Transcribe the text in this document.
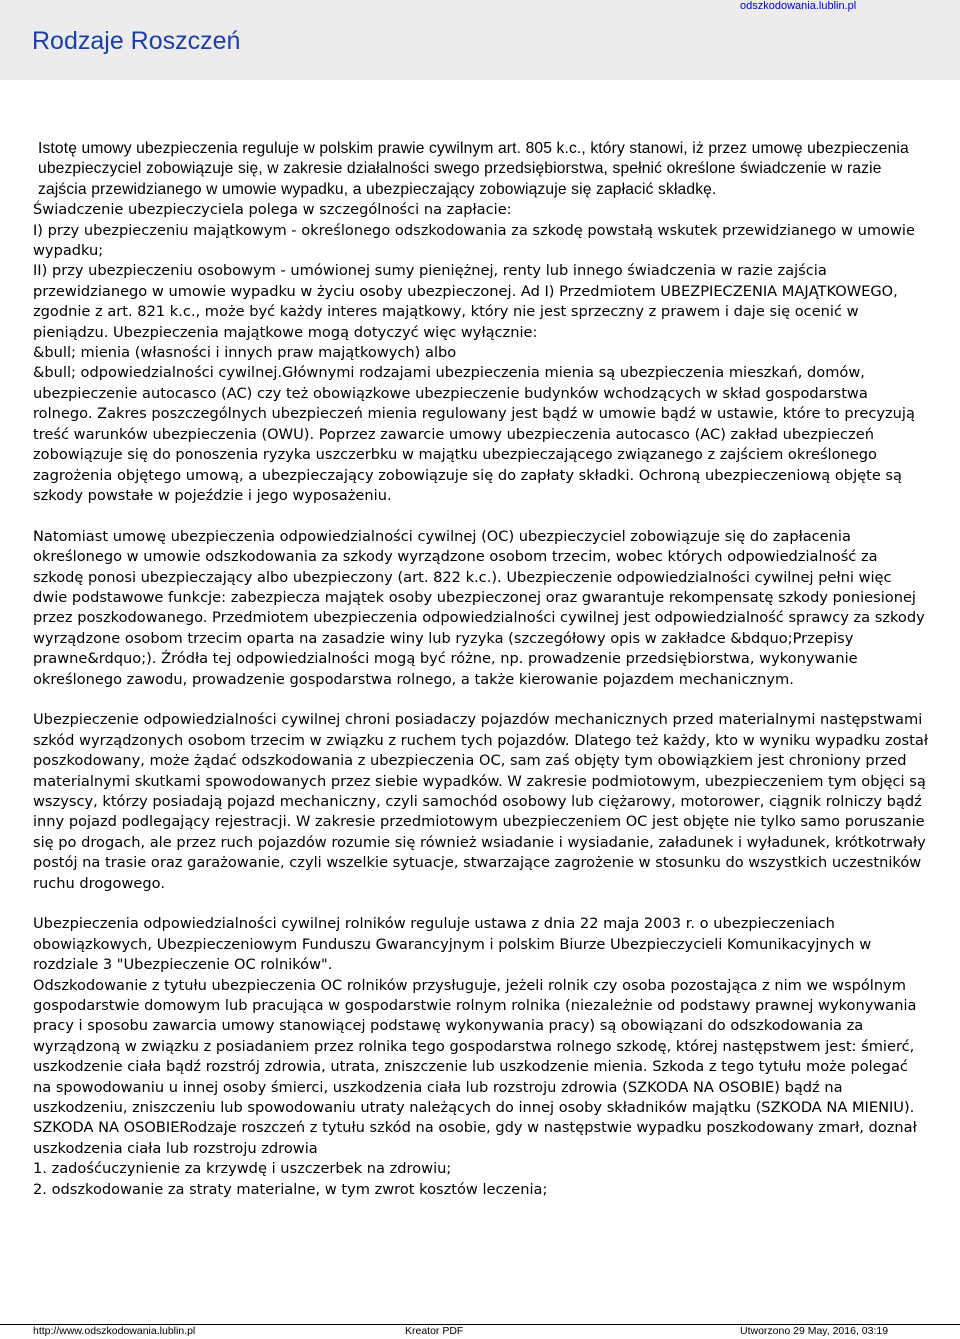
odszkodowania.lublin.pl
Rodzaje Roszczeń

Istotę umowy ubezpieczenia reguluje w polskim prawie cywilnym art. 805 k.c., który stanowi, iż przez umowę ubezpieczenia ubezpieczyciel zobowiązuje się, w zakresie działalności swego przedsiębiorstwa, spełnić określone świadczenie w razie zajścia przewidzianego w umowie wypadku, a ubezpieczający zobowiązuje się zapłacić składkę.

Świadczenie ubezpieczyciela polega w szczególności na zapłacie:

I) przy ubezpieczeniu majątkowym - określonego odszkodowania za szkodę powstałą wskutek przewidzianego w umowie wypadku;

II) przy ubezpieczeniu osobowym - umówionej sumy pieniężnej, renty lub innego świadczenia w razie zajścia przewidzianego w umowie wypadku w życiu osoby ubezpieczonej. Ad I) Przedmiotem UBEZPIECZENIA MAJĄTKOWEGO, zgodnie z art. 821 k.c., może być każdy interes majątkowy, który nie jest sprzeczny z prawem i daje się ocenić w pieniądzu. Ubezpieczenia majątkowe mogą dotyczyć więc wyłącznie:

&bull; mienia (własności i innych praw majątkowych) albo

&bull; odpowiedzialności cywilnej.Głównymi rodzajami ubezpieczenia mienia są ubezpieczenia mieszkań, domów, ubezpieczenie autocasco (AC) czy też obowiązkowe ubezpieczenie budynków wchodzących w skład gospodarstwa rolnego. Zakres poszczególnych ubezpieczeń mienia regulowany jest bądź w umowie bądź w ustawie, które to precyzują treść warunków ubezpieczenia (OWU). Poprzez zawarcie umowy ubezpieczenia autocasco (AC) zakład ubezpieczeń zobowiązuje się do ponoszenia ryzyka uszczerbku w majątku ubezpieczającego związanego z zajściem określonego zagrożenia objętego umową, a ubezpieczający zobowiązuje się do zapłaty składki. Ochroną ubezpieczeniową objęte są szkody powstałe w pojeździe i jego wyposażeniu.

Natomiast umowę ubezpieczenia odpowiedzialności cywilnej (OC) ubezpieczyciel zobowiązuje się do zapłacenia określonego w umowie odszkodowania za szkody wyrządzone osobom trzecim, wobec których odpowiedzialność za szkodę ponosi ubezpieczający albo ubezpieczony (art. 822 k.c.). Ubezpieczenie odpowiedzialności cywilnej pełni więc dwie podstawowe funkcje: zabezpiecza majątek osoby ubezpieczonej oraz gwarantuje rekompensatę szkody poniesionej przez poszkodowanego. Przedmiotem ubezpieczenia odpowiedzialności cywilnej jest odpowiedzialność sprawcy za szkody wyrządzone osobom trzecim oparta na zasadzie winy lub ryzyka (szczegółowy opis w zakładce &bdquo;Przepisy prawne&rdquo;). Źródła tej odpowiedzialności mogą być różne, np. prowadzenie przedsiębiorstwa, wykonywanie określonego zawodu, prowadzenie gospodarstwa rolnego, a także kierowanie pojazdem mechanicznym.

Ubezpieczenie odpowiedzialności cywilnej chroni posiadaczy pojazdów mechanicznych przed materialnymi następstwami szkód wyrządzonych osobom trzecim w związku z ruchem tych pojazdów. Dlatego też każdy, kto w wyniku wypadku został poszkodowany, może żądać odszkodowania z ubezpieczenia OC, sam zaś objęty tym obowiązkiem jest chroniony przed materialnymi skutkami spowodowanych przez siebie wypadków. W zakresie podmiotowym, ubezpieczeniem tym objęci są wszyscy, którzy posiadają pojazd mechaniczny, czyli samochód osobowy lub ciężarowy, motorower, ciągnik rolniczy bądź inny pojazd podlegający rejestracji. W zakresie przedmiotowym ubezpieczeniem OC jest objęte nie tylko samo poruszanie się po drogach, ale przez ruch pojazdów rozumie się również wsiadanie i wysiadanie, załadunek i wyładunek, krótkotrwały postój na trasie oraz garażowanie, czyli wszelkie sytuacje, stwarzające zagrożenie w stosunku do wszystkich uczestników ruchu drogowego.

Ubezpieczenia odpowiedzialności cywilnej rolników reguluje ustawa z dnia 22 maja 2003 r. o ubezpieczeniach obowiązkowych, Ubezpieczeniowym Funduszu Gwarancyjnym i polskim Biurze Ubezpieczycieli Komunikacyjnych w rozdziale 3 "Ubezpieczenie OC rolników".

Odszkodowanie z tytułu ubezpieczenia OC rolników przysługuje, jeżeli rolnik czy osoba pozostająca z nim we wspólnym gospodarstwie domowym lub pracująca w gospodarstwie rolnym rolnika (niezależnie od podstawy prawnej wykonywania pracy i sposobu zawarcia umowy stanowiącej podstawę wykonywania pracy) są obowiązani do odszkodowania za wyrządzoną w związku z posiadaniem przez rolnika tego gospodarstwa rolnego szkodę, której następstwem jest: śmierć, uszkodzenie ciała bądź rozstrój zdrowia, utrata, zniszczenie lub uszkodzenie mienia. Szkoda z tego tytułu może polegać na spowodowaniu u innej osoby śmierci, uszkodzenia ciała lub rozstroju zdrowia (SZKODA NA OSOBIE) bądź na uszkodzeniu, zniszczeniu lub spowodowaniu utraty należących do innej osoby składników majątku (SZKODA NA MIENIU). SZKODA NA OSOBIERodzaje roszczeń z tytułu szkód na osobie, gdy w następstwie wypadku poszkodowany zmarł, doznał uszkodzenia ciała lub rozstroju zdrowia

1. zadośćuczynienie za krzywdę i uszczerbek na zdrowiu;
2. odszkodowanie za straty materialne, w tym zwrot kosztów leczenia;
http://www.odszkodowania.lublin.pl	Kreator PDF	Utworzono 29 May, 2016, 03:19
